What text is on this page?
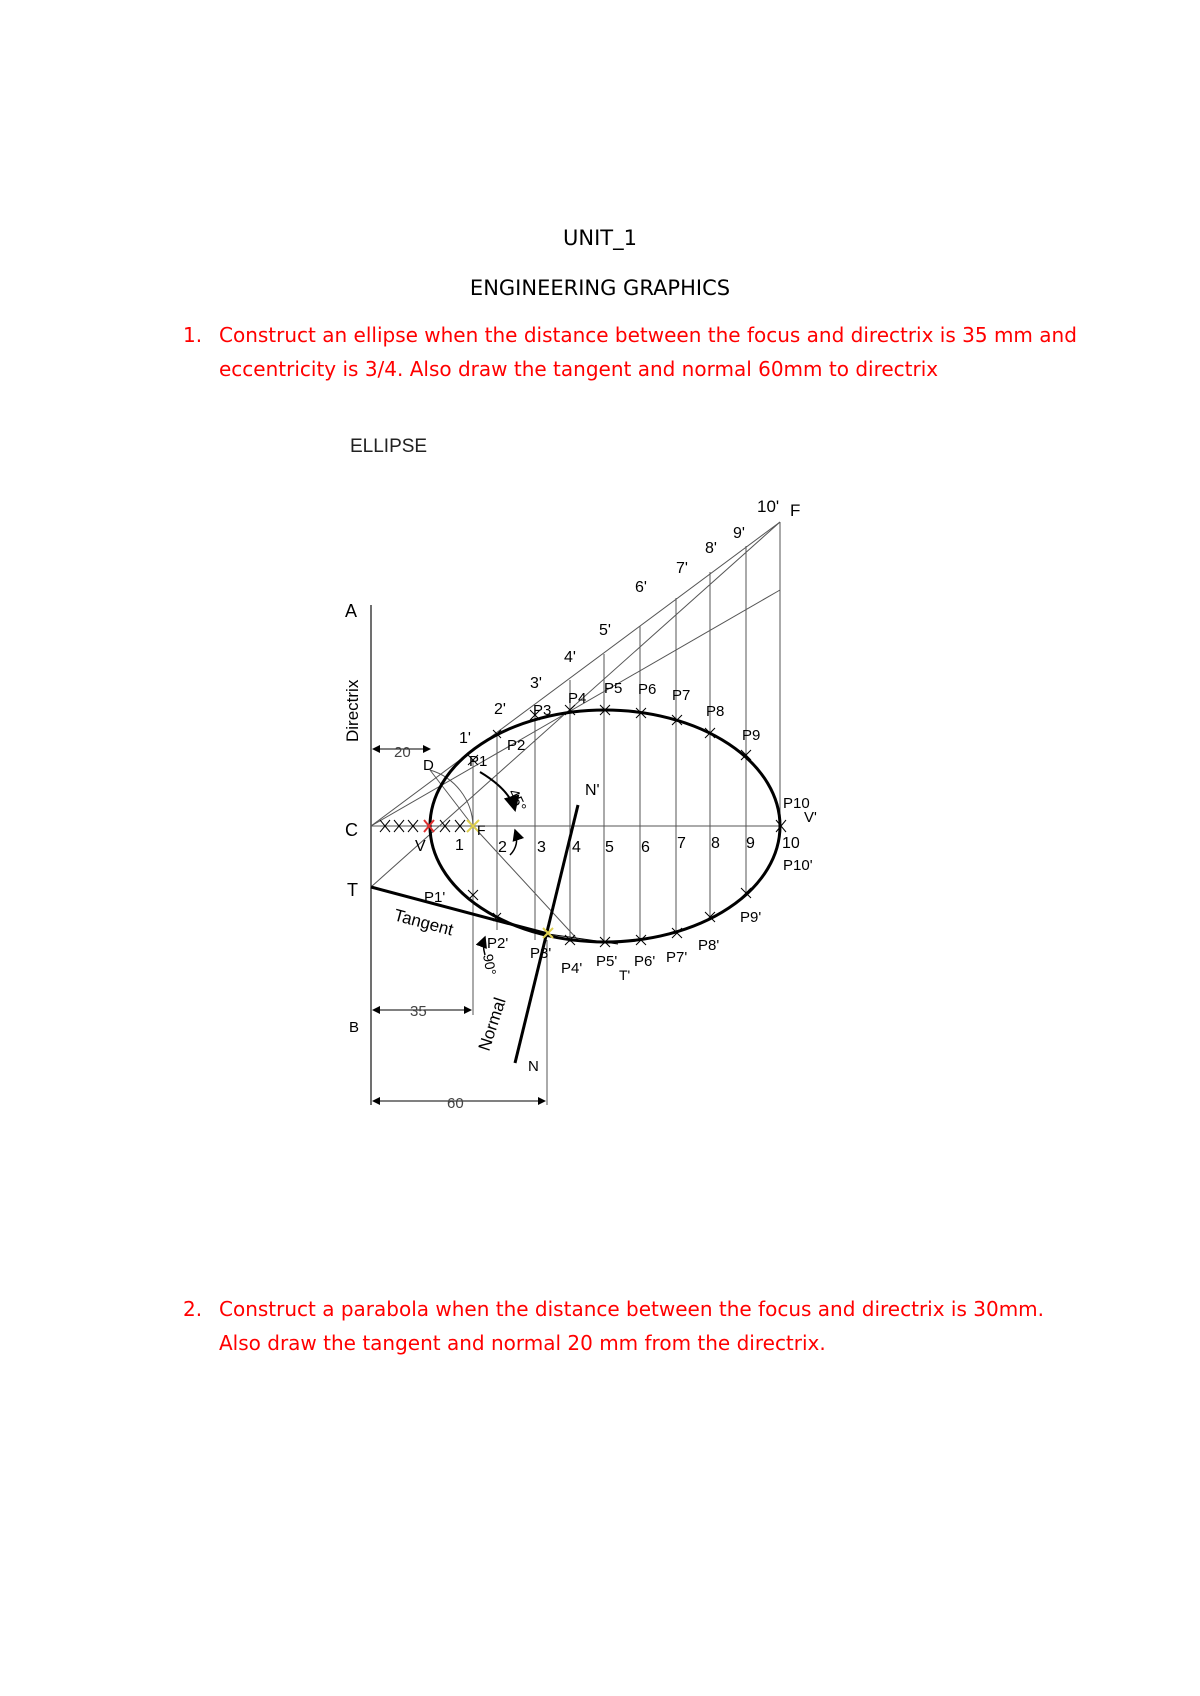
UNIT_1
ENGINEERING GRAPHICS
1. Construct an ellipse when the distance between the focus and directrix is 35 mm and
eccentricity is 3/4. Also draw the tangent and normal 60mm to directrix
2. Construct a parabola when the distance between the focus and directrix is 30mm.
Also draw the tangent and normal 20 mm from the directrix.
ELLIPSE
A
C
T
B
Directrix
D
V
F
F
V'
N
N'
T'
Tangent
Normal
45°
90°
20
35
60
1 2 3 4 5 6 7 8 9 10
1'
2'
3'
4'
5'
6'
7'
8'
9'
10'
P1
P2
P3
P4
P5 P6 P7
P8
P9
P10
P1'
P2'
P3'
P4' P5' P6' P7'
P8'
P9'
P10'
